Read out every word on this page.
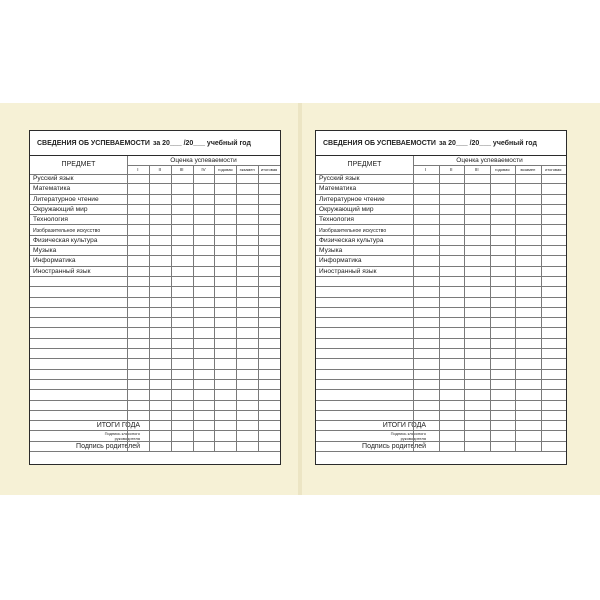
СВЕДЕНИЯ ОБ УСПЕВАЕМОСТИ за 20___ /20___ учебный год
ПРЕДМЕТ
Оценка успеваемости
I	II	III	IV	годовая	экзамен	итоговая
Русский язык
Математика
Литературное чтение
Окружающий мир
Технология
Изобразительное искусство
Физическая культура
Музыка
Информатика
Иностранный язык
ИТОГИ ГОДА
Подпись классного
руководителя
Подпись родителей
СВЕДЕНИЯ ОБ УСПЕВАЕМОСТИ за 20___ /20___ учебный год
ПРЕДМЕТ
Оценка успеваемости
I	II	III	годовая	экзамен	итоговая
Русский язык
Математика
Литературное чтение
Окружающий мир
Технология
Изобразительное искусство
Физическая культура
Музыка
Информатика
Иностранный язык
ИТОГИ ГОДА
Подпись классного
руководителя
Подпись родителей
